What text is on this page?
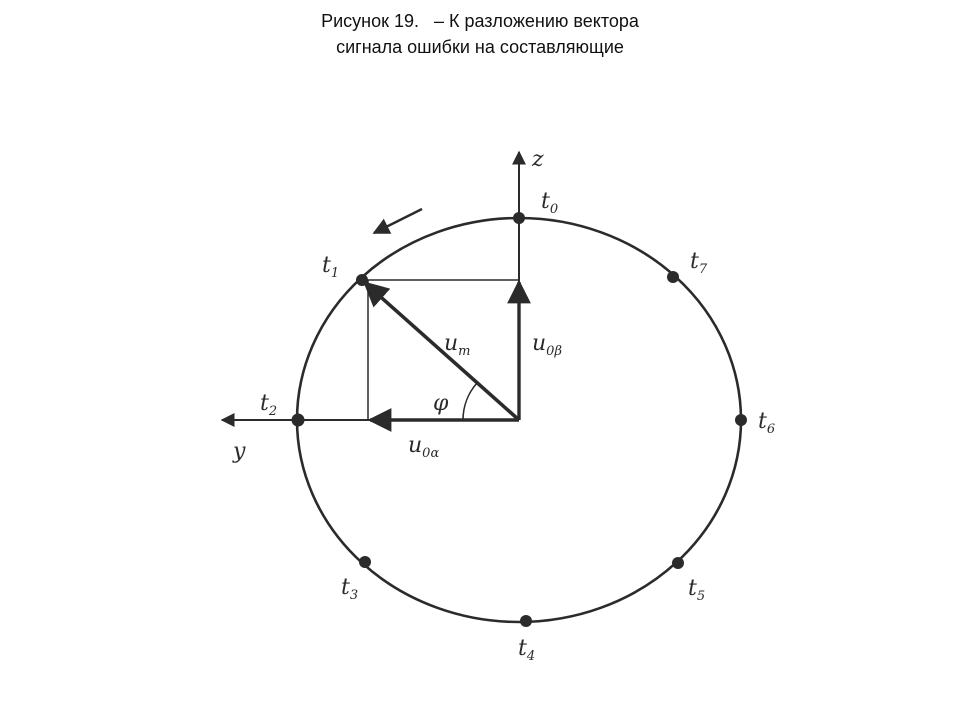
Рисунок 19.   – К разложению вектора
сигнала ошибки на составляющие
z
y
$u_m$	$u_{0\beta}$
$u_{0\alpha}$
φ
$t_0$
$t_1$
$t_2$
$t_3$
$t_4$
$t_5$
$t_6$
$t_7$
